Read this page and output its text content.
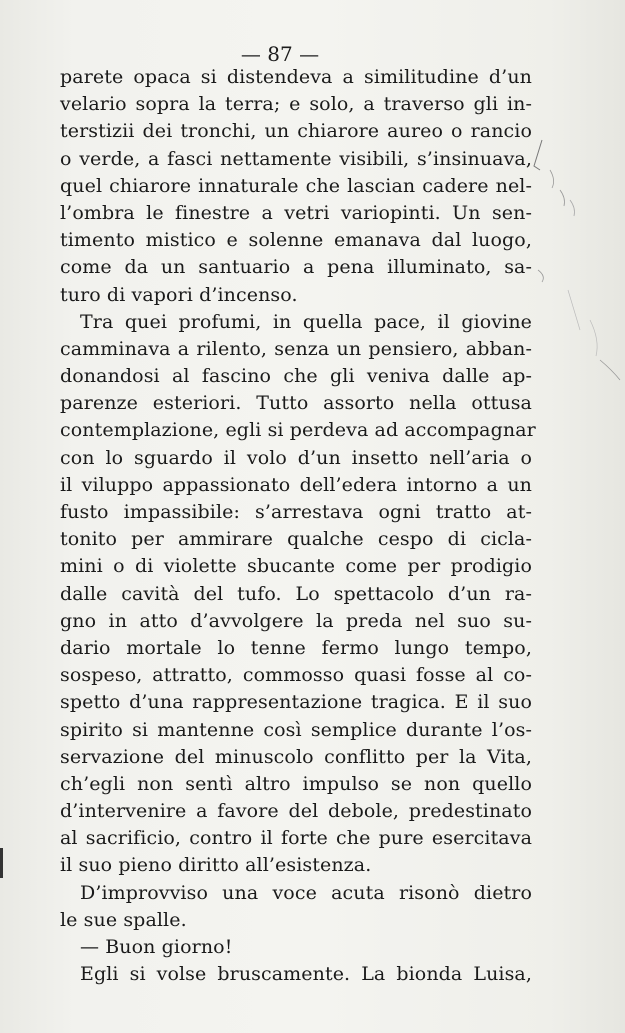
— 87 —
parete opaca si distendeva a similitudine d’un
velario sopra la terra; e solo, a traverso gli in-
terstizii dei tronchi, un chiarore aureo o rancio
o verde, a fasci nettamente visibili, s’insinuava,
quel chiarore innaturale che lascian cadere nel-
l’ombra le finestre a vetri variopinti. Un sen-
timento mistico e solenne emanava dal luogo,
come da un santuario a pena illuminato, sa-
turo di vapori d’incenso.
Tra quei profumi, in quella pace, il giovine
camminava a rilento, senza un pensiero, abban-
donandosi al fascino che gli veniva dalle ap-
parenze esteriori. Tutto assorto nella ottusa
contemplazione, egli si perdeva ad accompagnar
con lo sguardo il volo d’un insetto nell’aria o
il viluppo appassionato dell’edera intorno a un
fusto impassibile: s’arrestava ogni tratto at-
tonito per ammirare qualche cespo di cicla-
mini o di violette sbucante come per prodigio
dalle cavità del tufo. Lo spettacolo d’un ra-
gno in atto d’avvolgere la preda nel suo su-
dario mortale lo tenne fermo lungo tempo,
sospeso, attratto, commosso quasi fosse al co-
spetto d’una rappresentazione tragica. E il suo
spirito si mantenne così semplice durante l’os-
servazione del minuscolo conflitto per la Vita,
ch’egli non sentì altro impulso se non quello
d’intervenire a favore del debole, predestinato
al sacrificio, contro il forte che pure esercitava
il suo pieno diritto all’esistenza.
D’improvviso una voce acuta risonò dietro
le sue spalle.
— Buon giorno!
Egli si volse bruscamente. La bionda Luisa,
